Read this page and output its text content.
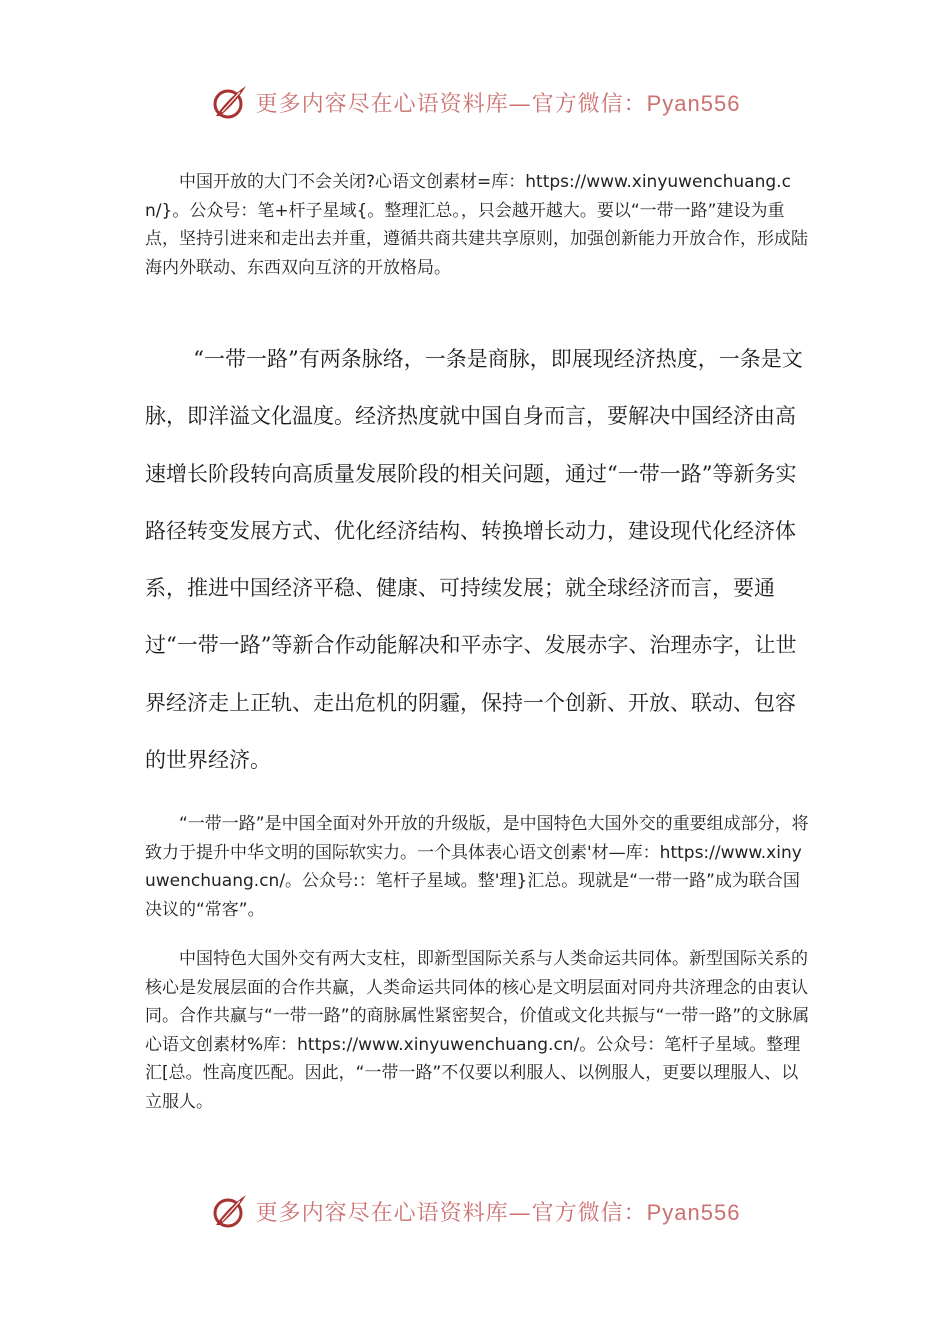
更多内容尽在心语资料库—官方微信：Pyan556

中国开放的大门不会关闭?心语文创素材=库：https://www.xinyuwenchuang.cn/}。公众号：笔+杆子星域{。整理汇总。，只会越开越大。要以“一带一路”建设为重点，坚持引进来和走出去并重，遵循共商共建共享原则，加强创新能力开放合作，形成陆海内外联动、东西双向互济的开放格局。

“一带一路”有两条脉络，一条是商脉，即展现经济热度，一条是文脉，即洋溢文化温度。经济热度就中国自身而言，要解决中国经济由高速增长阶段转向高质量发展阶段的相关问题，通过“一带一路”等新务实路径转变发展方式、优化经济结构、转换增长动力，建设现代化经济体系，推进中国经济平稳、健康、可持续发展；就全球经济而言，要通过“一带一路”等新合作动能解决和平赤字、发展赤字、治理赤字，让世界经济走上正轨、走出危机的阴霾，保持一个创新、开放、联动、包容的世界经济。

“一带一路”是中国全面对外开放的升级版，是中国特色大国外交的重要组成部分，将致力于提升中华文明的国际软实力。一个具体表心语文创素'材—库：https://www.xinyuwenchuang.cn/。公众号:：笔杆子星域。整'理}汇总。现就是“一带一路”成为联合国决议的“常客”。

中国特色大国外交有两大支柱，即新型国际关系与人类命运共同体。新型国际关系的核心是发展层面的合作共赢，人类命运共同体的核心是文明层面对同舟共济理念的由衷认同。合作共赢与“一带一路”的商脉属性紧密契合，价值或文化共振与“一带一路”的文脉属心语文创素材%库：https://www.xinyuwenchuang.cn/。公众号：笔杆子星域。整理汇[总。性高度匹配。因此，“一带一路”不仅要以利服人、以例服人，更要以理服人、以立服人。

更多内容尽在心语资料库—官方微信：Pyan556
